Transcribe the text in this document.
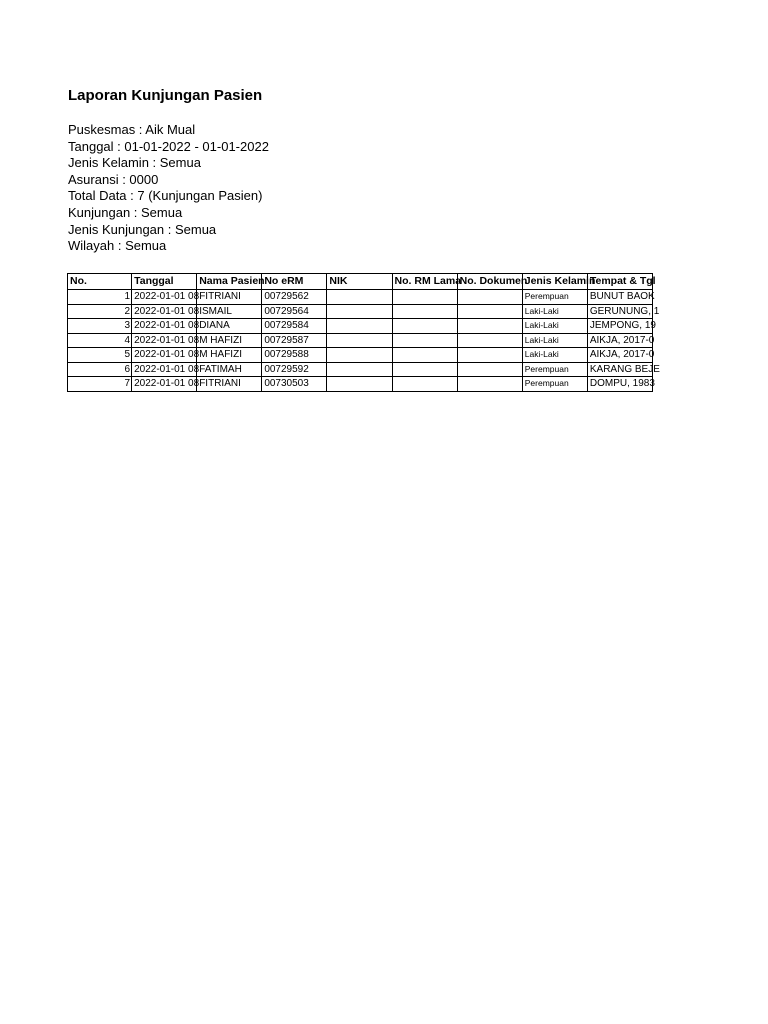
Laporan Kunjungan Pasien
Puskesmas : Aik Mual
Tanggal : 01-01-2022 - 01-01-2022
Jenis Kelamin : Semua
Asuransi : 0000
Total Data : 7 (Kunjungan Pasien)
Kunjungan : Semua
Jenis Kunjungan : Semua
Wilayah : Semua
No.	Tanggal	Nama Pasien	No eRM	NIK	No. RM Lama	No. Dokumen	Jenis Kelamin	Tempat & Tgl
1	2022-01-01 08	FITRIANI	00729562				Perempuan	BUNUT BAOK
2	2022-01-01 08	ISMAIL	00729564				Laki-Laki	GERUNUNG, 1
3	2022-01-01 08	DIANA	00729584				Laki-Laki	JEMPONG, 19
4	2022-01-01 08	M HAFIZI	00729587				Laki-Laki	AIKJA, 2017-0
5	2022-01-01 08	M HAFIZI	00729588				Laki-Laki	AIKJA, 2017-0
6	2022-01-01 08	FATIMAH	00729592				Perempuan	KARANG BEJE
7	2022-01-01 08	FITRIANI	00730503				Perempuan	DOMPU, 1983
